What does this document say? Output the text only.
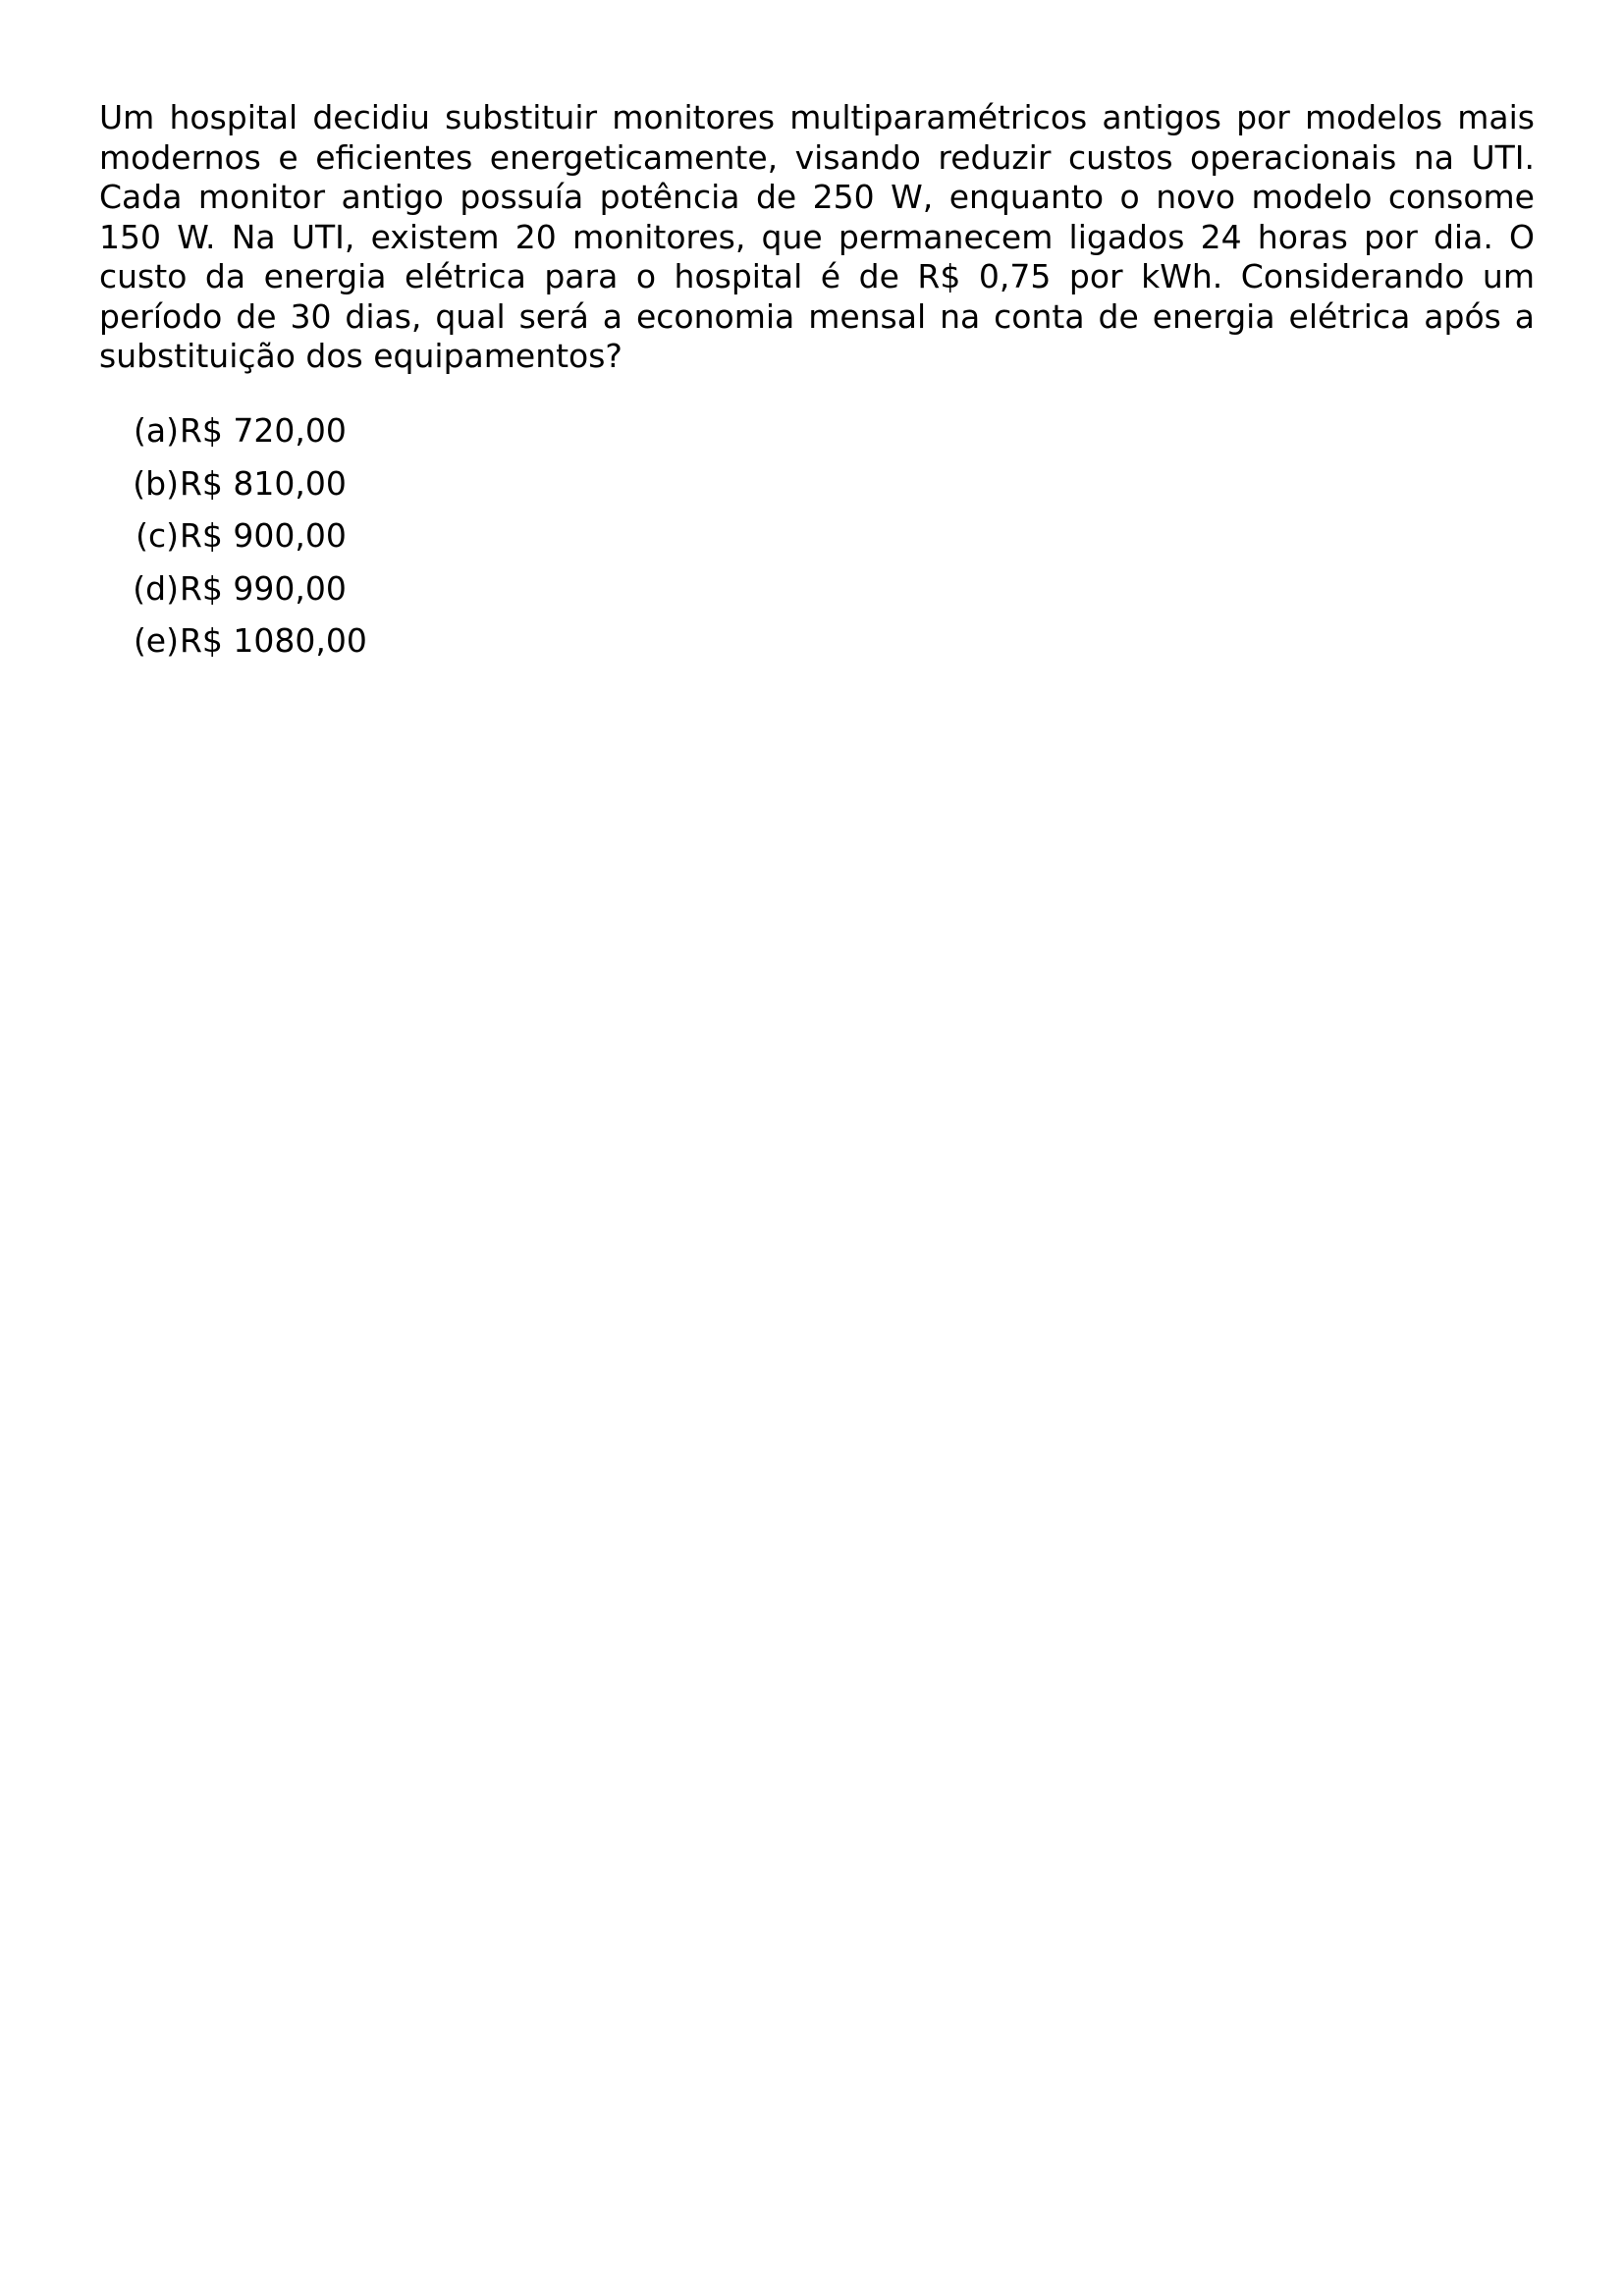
Um hospital decidiu substituir monitores multiparamétricos antigos por modelos mais modernos e eficientes energeticamente, visando reduzir custos operacionais na UTI. Cada monitor antigo possuía potência de 250 W, enquanto o novo modelo consome 150 W. Na UTI, existem 20 monitores, que permanecem ligados 24 horas por dia. O custo da energia elétrica para o hospital é de R$ 0,75 por kWh. Considerando um período de 30 dias, qual será a economia mensal na conta de energia elétrica após a substituição dos equipamentos?

(a) R$ 720,00
(b) R$ 810,00
(c) R$ 900,00
(d) R$ 990,00
(e) R$ 1080,00
